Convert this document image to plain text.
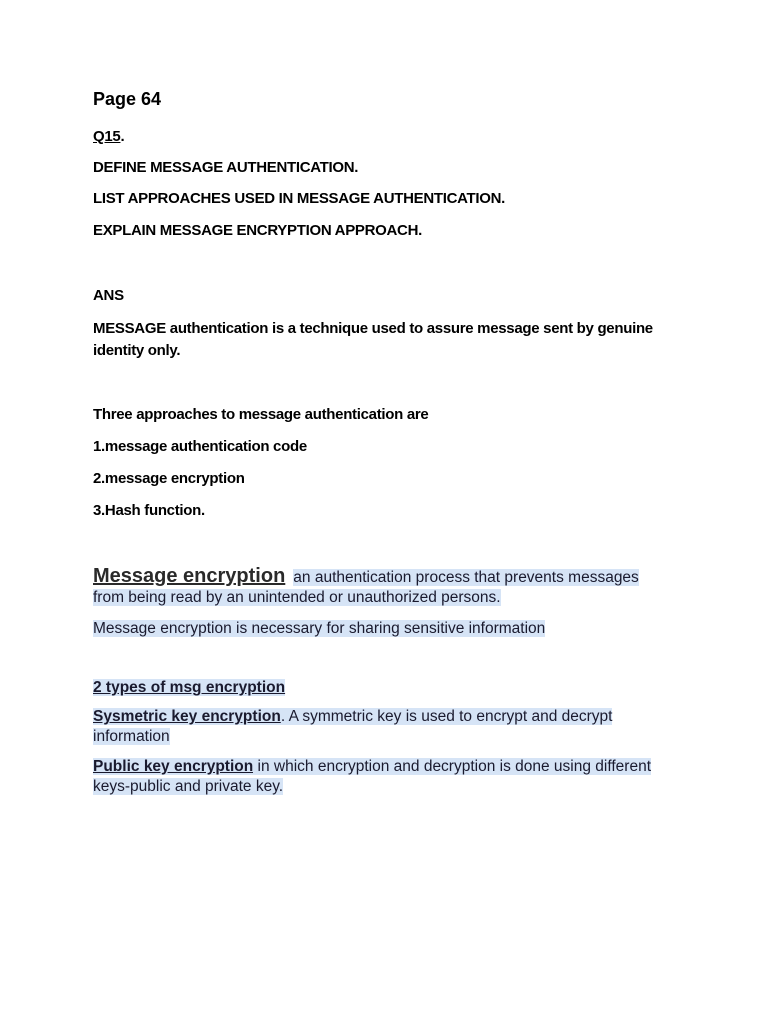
Page 64
Q15.
DEFINE MESSAGE AUTHENTICATION.
LIST APPROACHES USED IN MESSAGE AUTHENTICATION.
EXPLAIN MESSAGE ENCRYPTION APPROACH.
ANS
MESSAGE authentication is a technique used to assure message sent by genuine identity only.
Three approaches to message authentication are
1.message authentication code
2.message encryption
3.Hash function.
Message encryption an authentication process that prevents messages from being read by an unintended or unauthorized persons.
Message encryption is necessary for sharing sensitive information
2 types of msg encryption
Sysmetric key encryption. A symmetric key is used to encrypt and decrypt information
Public key encryption in which encryption and decryption is done using different keys-public and private key.
